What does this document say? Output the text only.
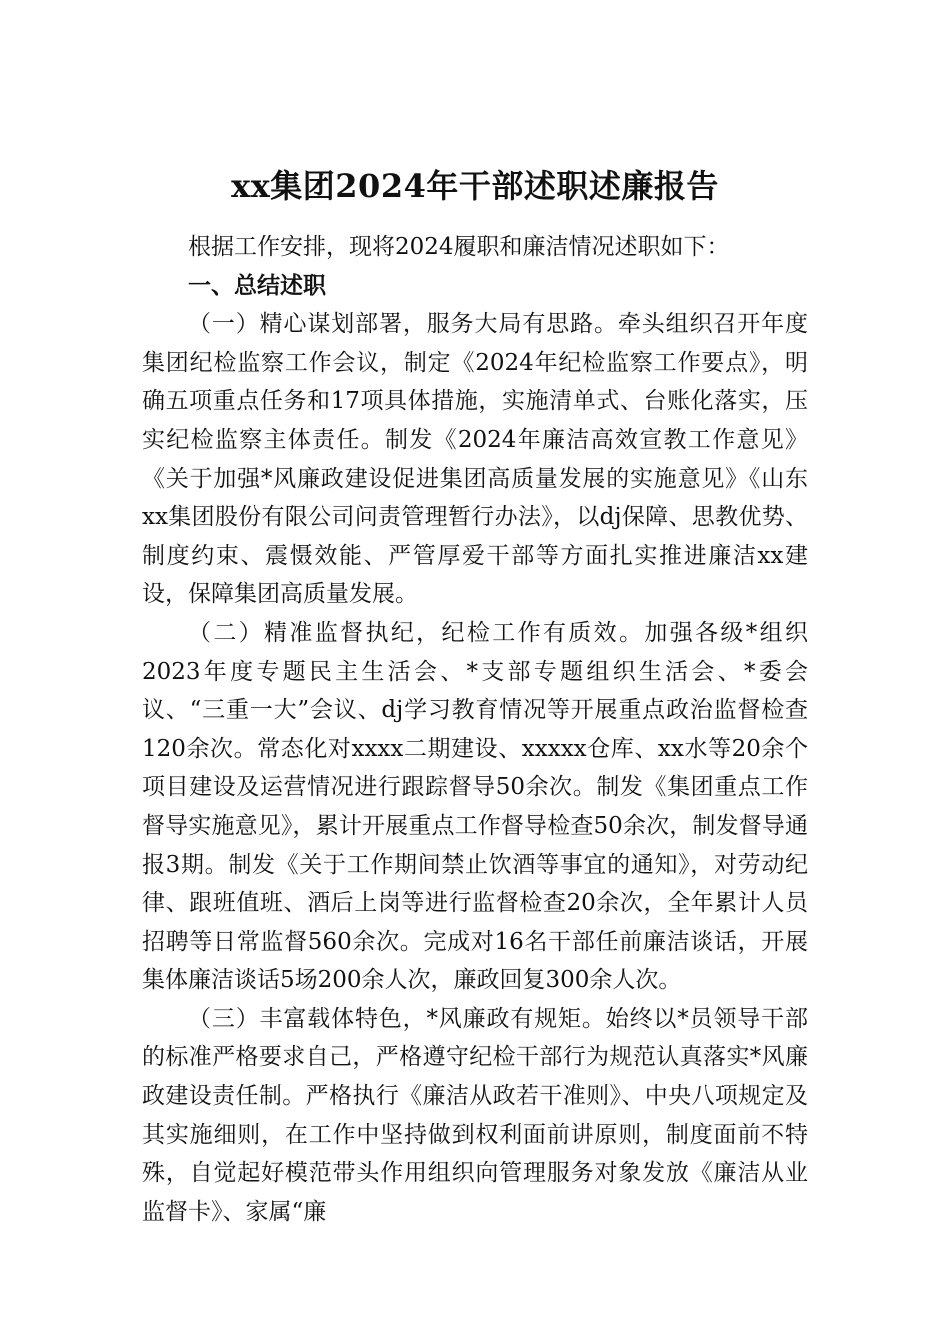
xx集团2024年干部述职述廉报告

根据工作安排，现将2024履职和廉洁情况述职如下：

一、总结述职

（一）精心谋划部署，服务大局有思路。牵头组织召开年度集团纪检监察工作会议，制定《2024年纪检监察工作要点》，明确五项重点任务和17项具体措施，实施清单式、台账化落实，压实纪检监察主体责任。制发《2024年廉洁高效宣教工作意见》《关于加强*风廉政建设促进集团高质量发展的实施意见》《山东xx集团股份有限公司问责管理暂行办法》，以dj保障、思教优势、制度约束、震慑效能、严管厚爱干部等方面扎实推进廉洁xx建设，保障集团高质量发展。

（二）精准监督执纪，纪检工作有质效。加强各级*组织2023年度专题民主生活会、*支部专题组织生活会、*委会议、“三重一大”会议、dj学习教育情况等开展重点政治监督检查120余次。常态化对xxxx二期建设、xxxxx仓库、xx水等20余个项目建设及运营情况进行跟踪督导50余次。制发《集团重点工作督导实施意见》，累计开展重点工作督导检查50余次，制发督导通报3期。制发《关于工作期间禁止饮酒等事宜的通知》，对劳动纪律、跟班值班、酒后上岗等进行监督检查20余次，全年累计人员招聘等日常监督560余次。完成对16名干部任前廉洁谈话，开展集体廉洁谈话5场200余人次，廉政回复300余人次。

（三）丰富载体特色，*风廉政有规矩。始终以*员领导干部的标准严格要求自己，严格遵守纪检干部行为规范认真落实*风廉政建设责任制。严格执行《廉洁从政若干准则》、中央八项规定及其实施细则，在工作中坚持做到权利面前讲原则，制度面前不特殊，自觉起好模范带头作用组织向管理服务对象发放《廉洁从业监督卡》、家属“廉
